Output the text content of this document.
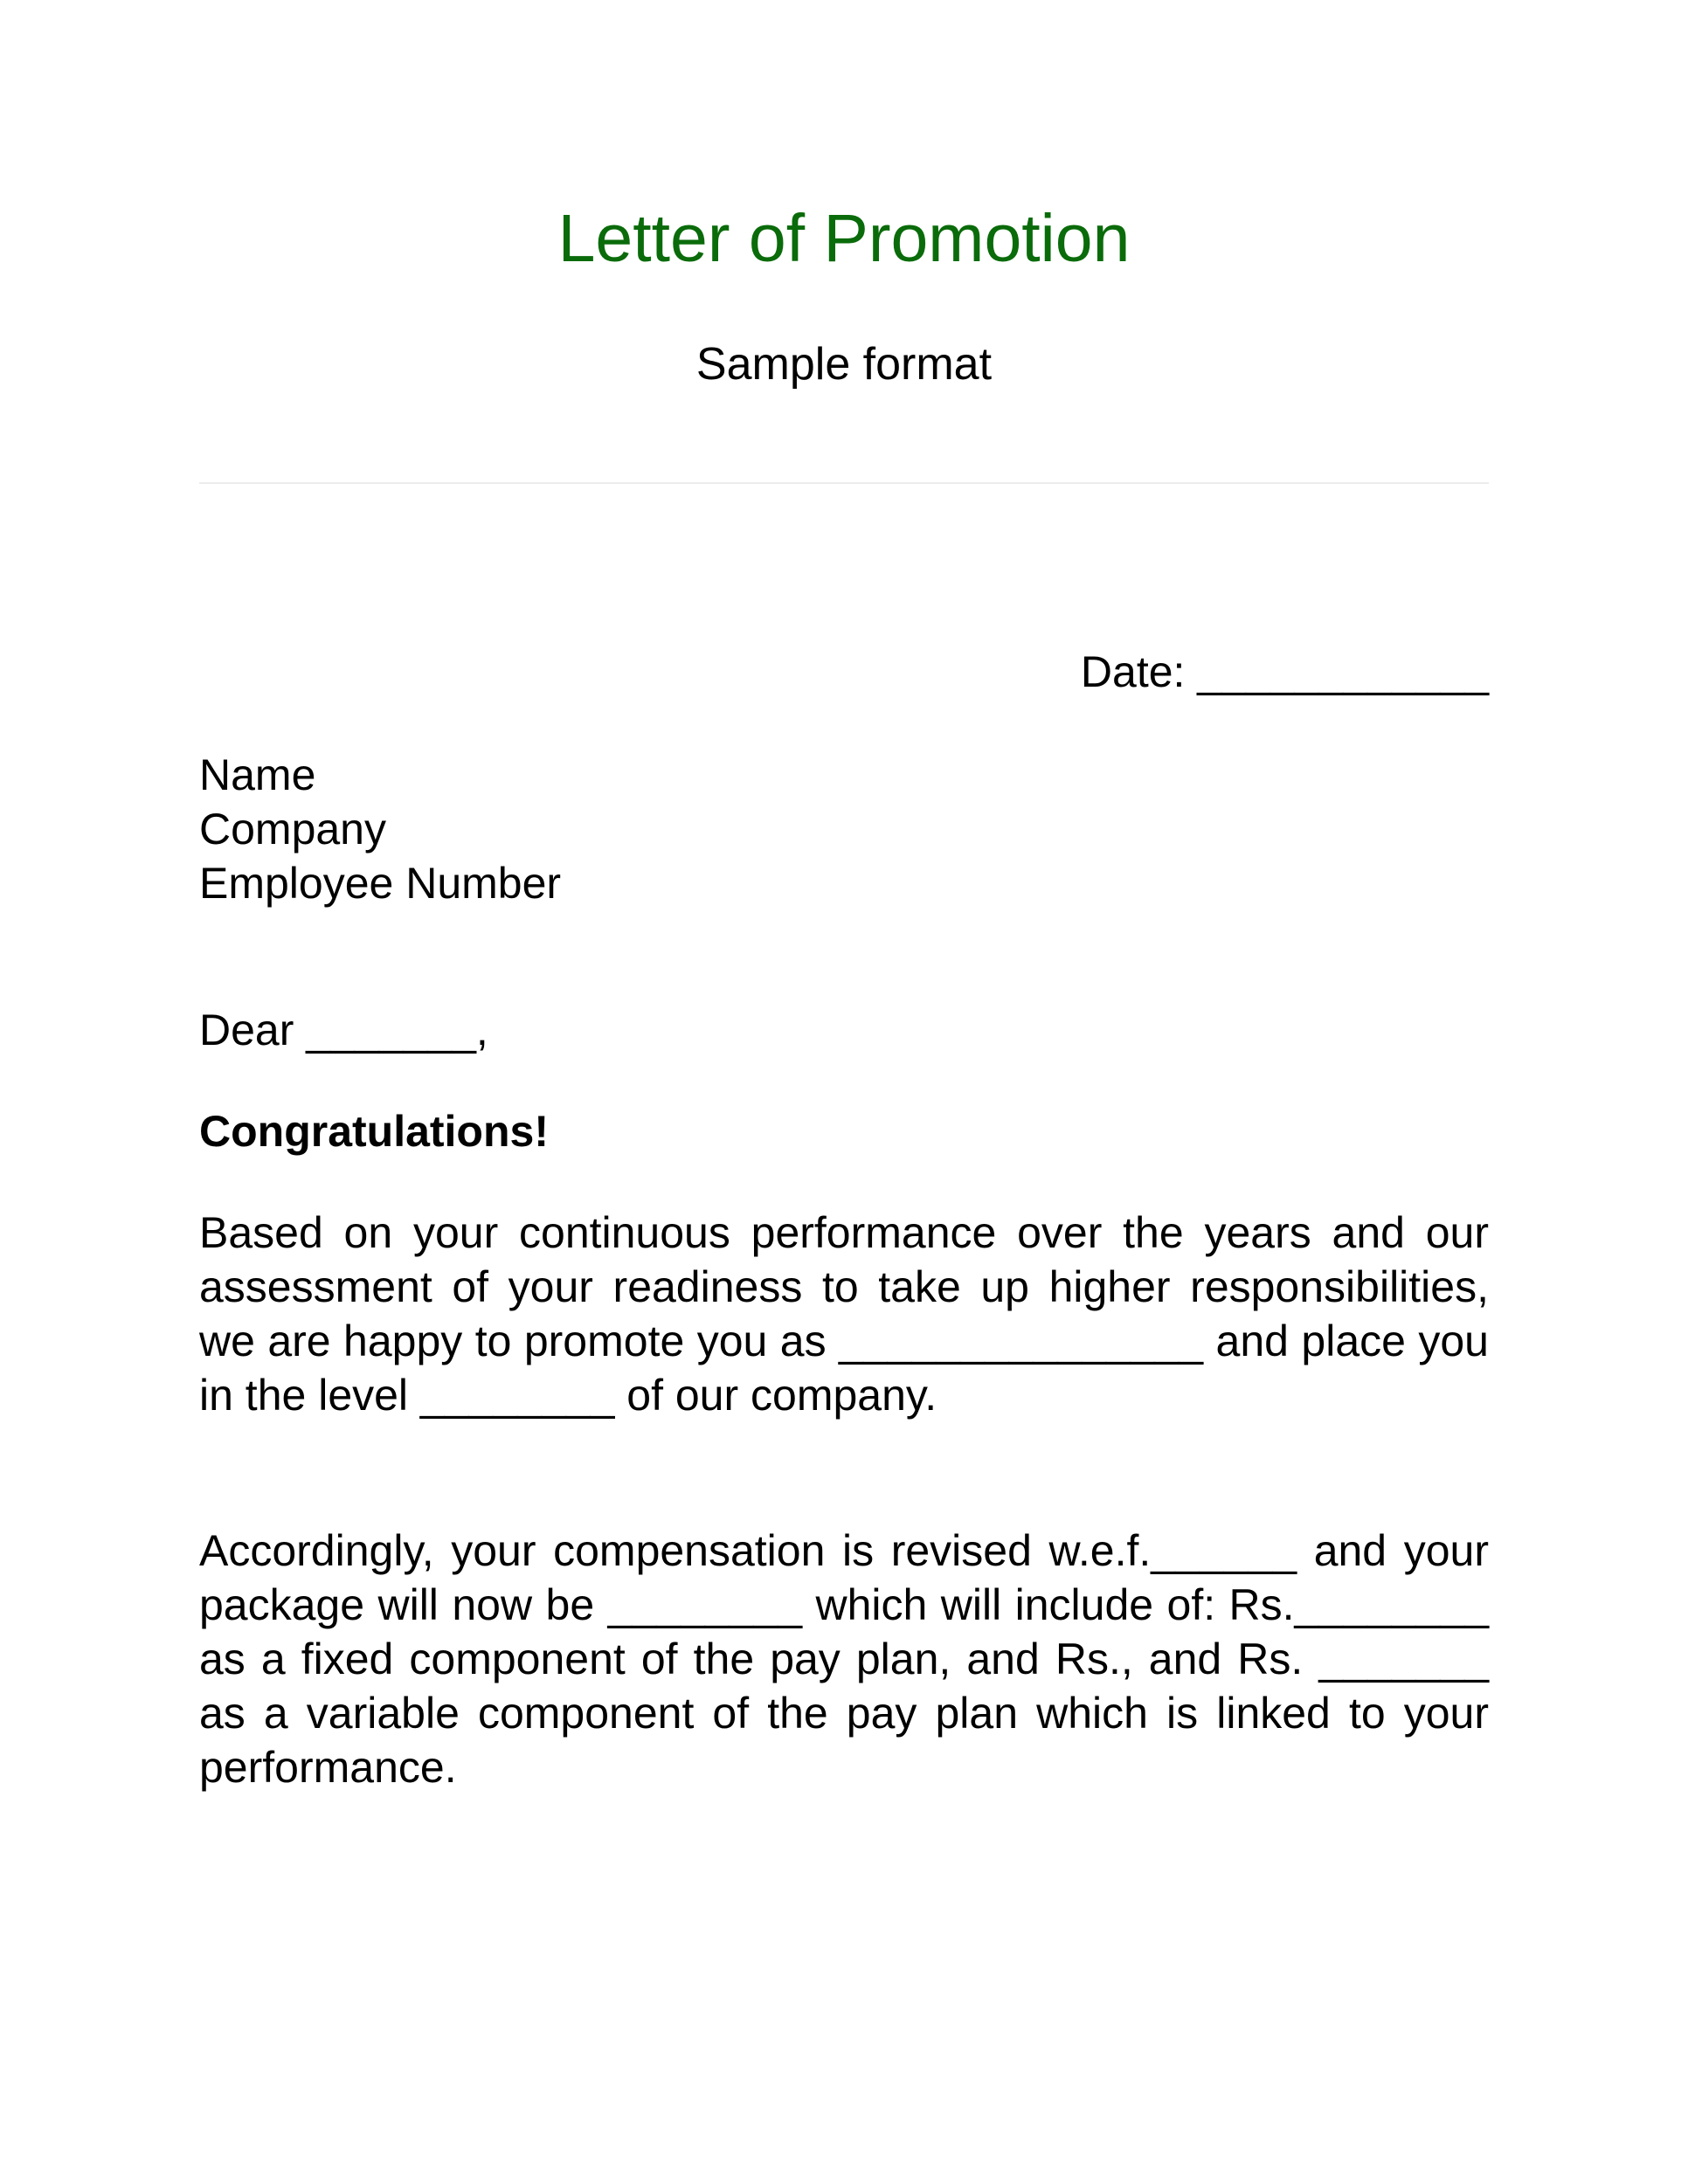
Letter of Promotion
Sample format
Date: ____________
Name
Company
Employee Number
Dear _______,
Congratulations!
Based on your continuous performance over the years and our assessment of your readiness to take up higher responsibilities, we are happy to promote you as _______________ and place you in the level ________ of our company.
Accordingly, your compensation is revised w.e.f.______ and your package will now be ________ which will include of: Rs.________ as a fixed component of the pay plan, and Rs., and Rs. _______ as a variable component of the pay plan which is linked to your performance.
